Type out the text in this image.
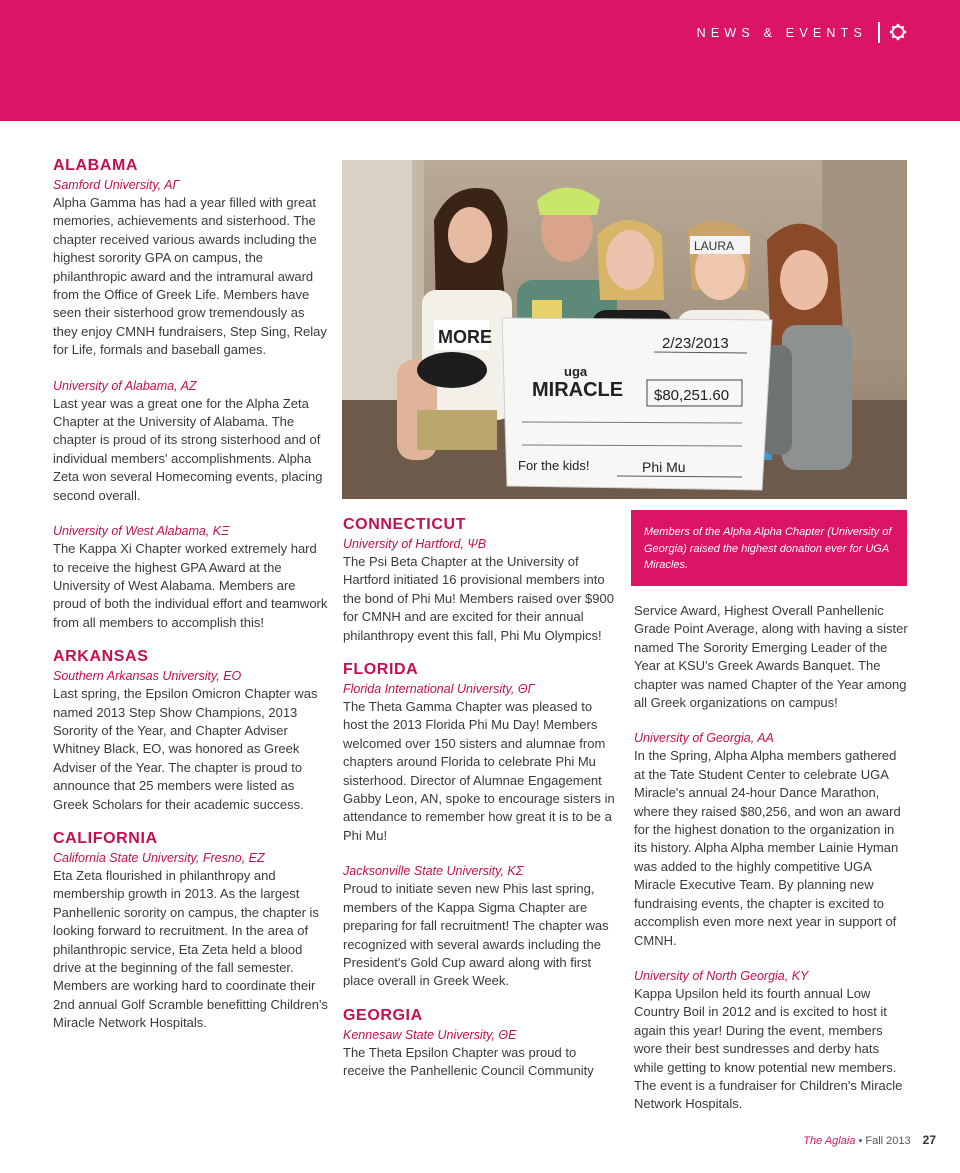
NEWS & EVENTS
ALABAMA
Samford University, AΓ

Alpha Gamma has had a year filled with great memories, achievements and sisterhood. The chapter received various awards including the highest sorority GPA on campus, the philanthropic award and the intramural award from the Office of Greek Life. Members have seen their sisterhood grow tremendously as they enjoy CMNH fundraisers, Step Sing, Relay for Life, formals and baseball games.

University of Alabama, AZ

Last year was a great one for the Alpha Zeta Chapter at the University of Alabama. The chapter is proud of its strong sisterhood and of individual members' accomplishments. Alpha Zeta won several Homecoming events, placing second overall.

University of West Alabama, KΞ

The Kappa Xi Chapter worked extremely hard to receive the highest GPA Award at the University of West Alabama. Members are proud of both the individual effort and teamwork from all members to accomplish this!

ARKANSAS
Southern Arkansas University, EO

Last spring, the Epsilon Omicron Chapter was named 2013 Step Show Champions, 2013 Sorority of the Year, and Chapter Adviser Whitney Black, EO, was honored as Greek Adviser of the Year. The chapter is proud to announce that 25 members were listed as Greek Scholars for their academic success.

CALIFORNIA
California State University, Fresno, EZ

Eta Zeta flourished in philanthropy and membership growth in 2013. As the largest Panhellenic sorority on campus, the chapter is looking forward to recruitment. In the area of philanthropic service, Eta Zeta held a blood drive at the beginning of the fall semester. Members are working hard to coordinate their 2nd annual Golf Scramble benefitting Children's Miracle Network Hospitals.

MORE
LAURA
2/23/2013
uga
MIRACLE $80,251.60
For the kids!	Phi Mu

Members of the Alpha Alpha Chapter (University of Georgia) raised the highest donation ever for UGA Miracles.

CONNECTICUT
University of Hartford, ΨB

The Psi Beta Chapter at the University of Hartford initiated 16 provisional members into the bond of Phi Mu! Members raised over $900 for CMNH and are excited for their annual philanthropy event this fall, Phi Mu Olympics!

FLORIDA
Florida International University, ΘΓ

The Theta Gamma Chapter was pleased to host the 2013 Florida Phi Mu Day! Members welcomed over 150 sisters and alumnae from chapters around Florida to celebrate Phi Mu sisterhood. Director of Alumnae Engagement Gabby Leon, AN, spoke to encourage sisters in attendance to remember how great it is to be a Phi Mu!

Jacksonville State University, KΣ

Proud to initiate seven new Phis last spring, members of the Kappa Sigma Chapter are preparing for fall recruitment! The chapter was recognized with several awards including the President's Gold Cup award along with first place overall in Greek Week.

GEORGIA
Kennesaw State University, ΘE

The Theta Epsilon Chapter was proud to receive the Panhellenic Council Community

Service Award, Highest Overall Panhellenic Grade Point Average, along with having a sister named The Sorority Emerging Leader of the Year at KSU's Greek Awards Banquet. The chapter was named Chapter of the Year among all Greek organizations on campus!

University of Georgia, AA

In the Spring, Alpha Alpha members gathered at the Tate Student Center to celebrate UGA Miracle's annual 24-hour Dance Marathon, where they raised $80,256, and won an award for the highest donation to the organization in its history. Alpha Alpha member Lainie Hyman was added to the highly competitive UGA Miracle Executive Team. By planning new fundraising events, the chapter is excited to accomplish even more next year in support of CMNH.

University of North Georgia, KY

Kappa Upsilon held its fourth annual Low Country Boil in 2012 and is excited to host it again this year! During the event, members wore their best sundresses and derby hats while getting to know potential new members. The event is a fundraiser for Children's Miracle Network Hospitals.

The Aglaia • Fall 2013 27
